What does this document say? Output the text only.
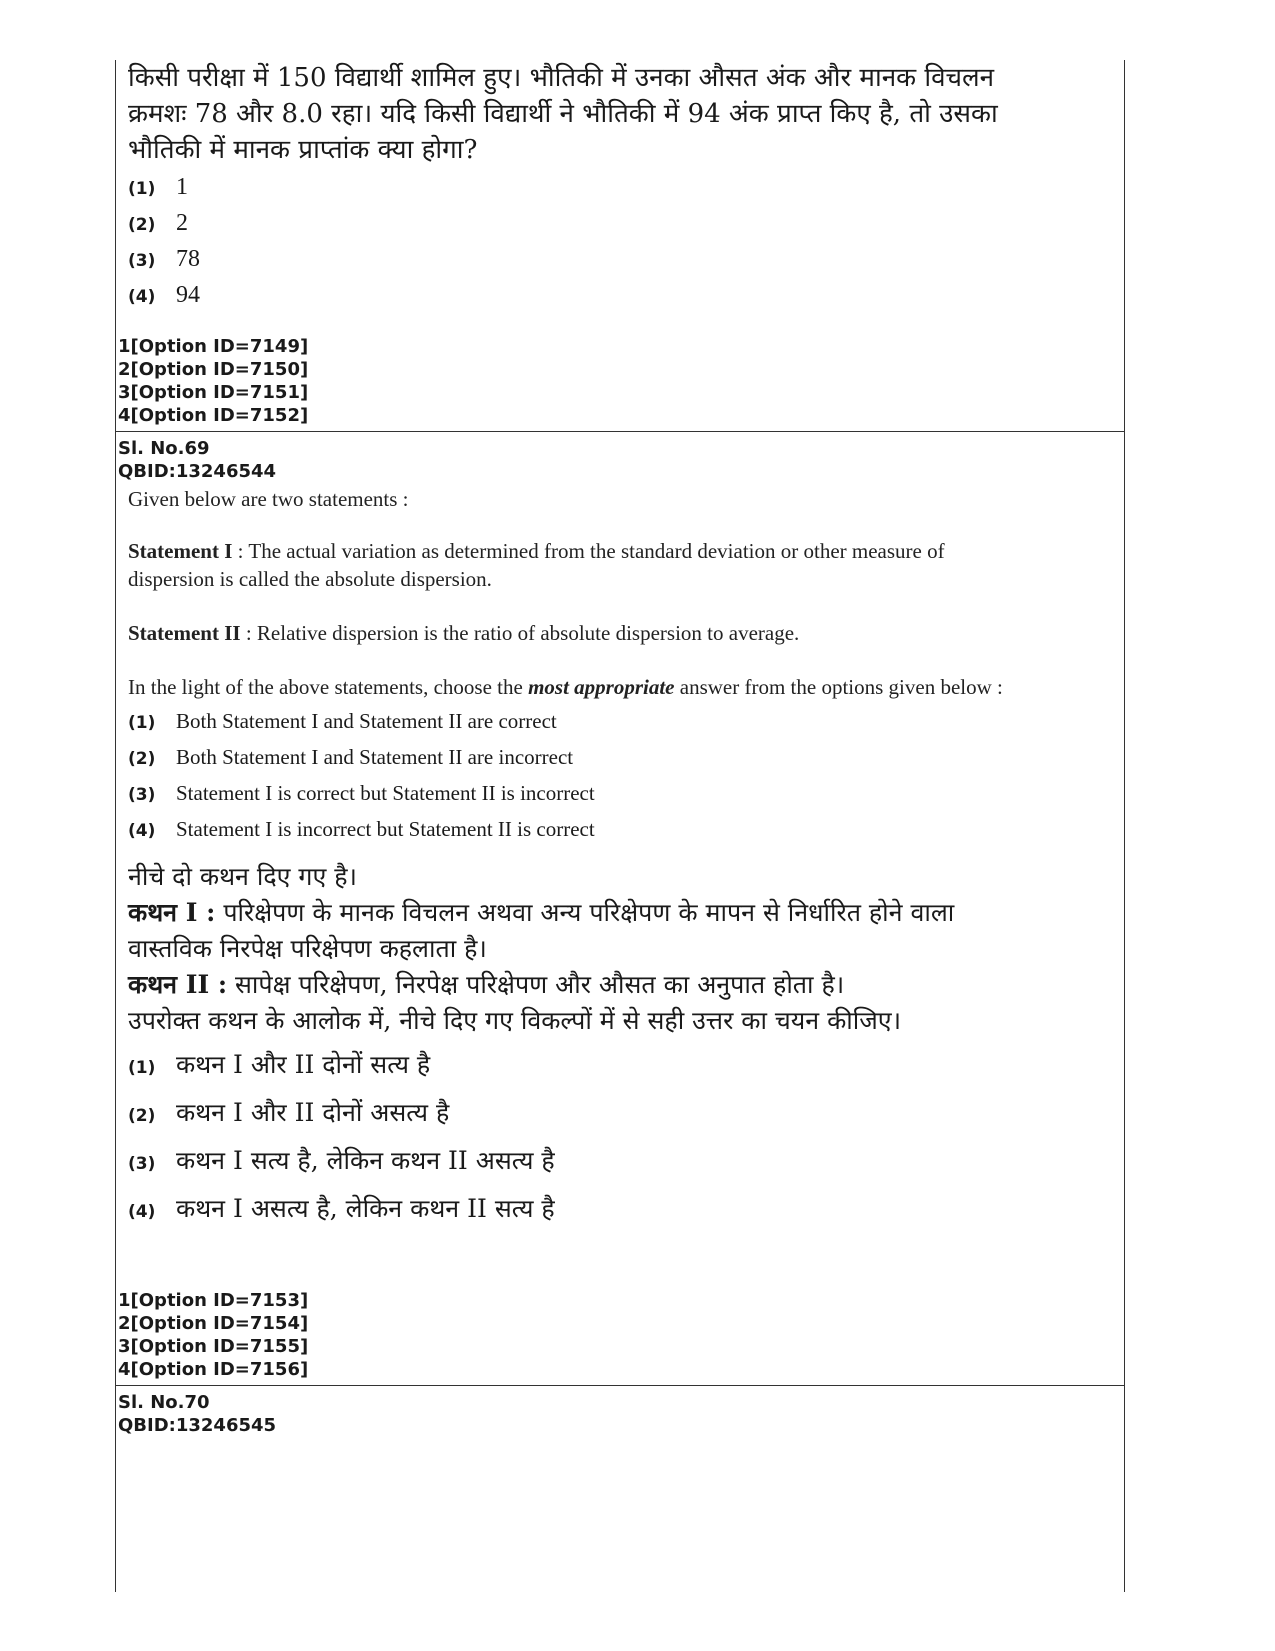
किसी परीक्षा में 150 विद्यार्थी शामिल हुए। भौतिकी में उनका औसत अंक और मानक विचलन क्रमशः 78 और 8.0 रहा। यदि किसी विद्यार्थी ने भौतिकी में 94 अंक प्राप्त किए है, तो उसका भौतिकी में मानक प्राप्तांक क्या होगा?

(1) 1
(2) 2
(3) 78
(4) 94
1[Option ID=7149]
2[Option ID=7150]
3[Option ID=7151]
4[Option ID=7152]
Sl. No.69
QBID:13246544
Given below are two statements :
Statement I : The actual variation as determined from the standard deviation or other measure of dispersion is called the absolute dispersion.
Statement II : Relative dispersion is the ratio of absolute dispersion to average.
In the light of the above statements, choose the most appropriate answer from the options given below :
(1) Both Statement I and Statement II are correct
(2) Both Statement I and Statement II are incorrect
(3) Statement I is correct but Statement II is incorrect
(4) Statement I is incorrect but Statement II is correct
नीचे दो कथन दिए गए है।
कथन I : परिक्षेपण के मानक विचलन अथवा अन्य परिक्षेपण के मापन से निर्धारित होने वाला वास्तविक निरपेक्ष परिक्षेपण कहलाता है।
कथन II : सापेक्ष परिक्षेपण, निरपेक्ष परिक्षेपण और औसत का अनुपात होता है।
उपरोक्त कथन के आलोक में, नीचे दिए गए विकल्पों में से सही उत्तर का चयन कीजिए।
(1) कथन I और II दोनों सत्य है
(2) कथन I और II दोनों असत्य है
(3) कथन I सत्य है, लेकिन कथन II असत्य है
(4) कथन I असत्य है, लेकिन कथन II सत्य है
1[Option ID=7153]
2[Option ID=7154]
3[Option ID=7155]
4[Option ID=7156]
Sl. No.70
QBID:13246545
